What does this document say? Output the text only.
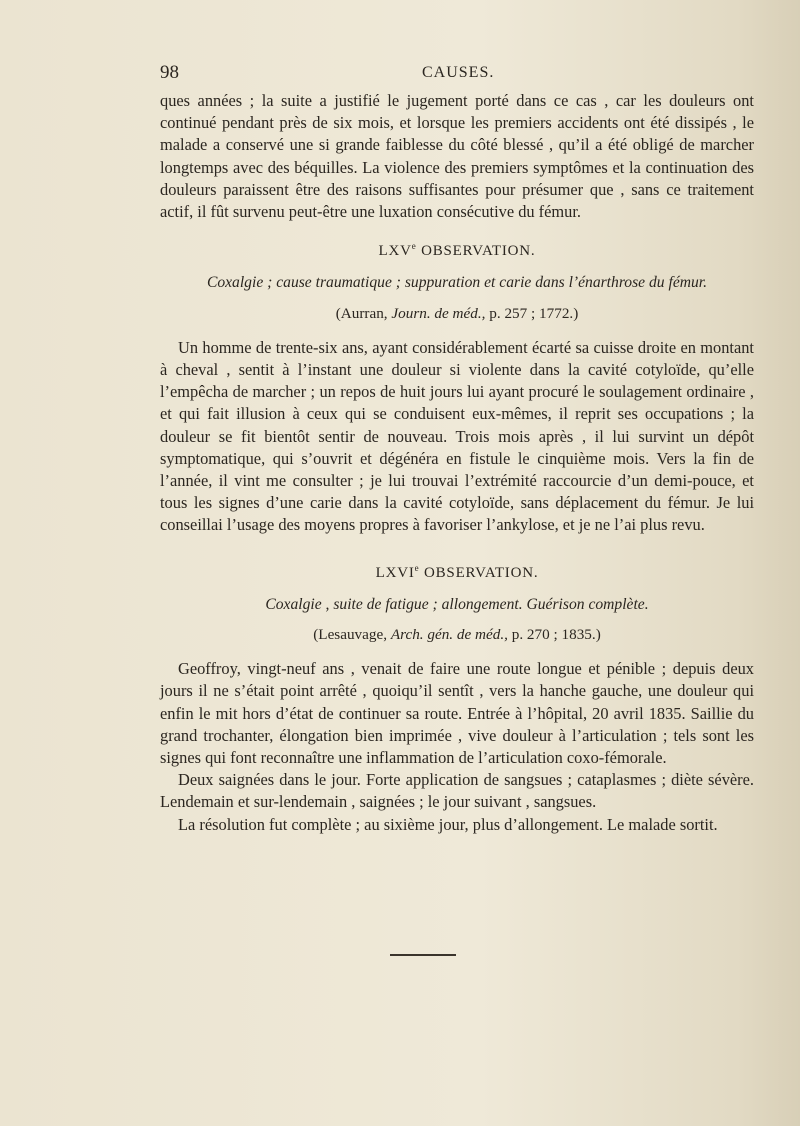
98	CAUSES.

ques années ; la suite a justifié le jugement porté dans ce cas , car les douleurs ont continué pendant près de six mois, et lorsque les premiers accidents ont été dissipés , le malade a conservé une si grande faiblesse du côté blessé , qu’il a été obligé de marcher longtemps avec des béquilles. La violence des premiers symptômes et la continuation des douleurs paraissent être des raisons suffisantes pour présumer que , sans ce traitement actif, il fût survenu peut-être une luxation consécutive du fémur.

LXVe OBSERVATION.
Coxalgie ; cause traumatique ; suppuration et carie dans l’énarthrose du fémur.
(Aurran, Journ. de méd., p. 257 ; 1772.)

Un homme de trente-six ans, ayant considérablement écarté sa cuisse droite en montant à cheval , sentit à l’instant une douleur si violente dans la cavité cotyloïde, qu’elle l’empêcha de marcher ; un repos de huit jours lui ayant procuré le soulagement ordinaire , et qui fait illusion à ceux qui se conduisent eux-mêmes, il reprit ses occupations ; la douleur se fit bientôt sentir de nouveau. Trois mois après , il lui survint un dépôt symptomatique, qui s’ouvrit et dégénéra en fistule le cinquième mois. Vers la fin de l’année, il vint me consulter ; je lui trouvai l’extrémité raccourcie d’un demi-pouce, et tous les signes d’une carie dans la cavité cotyloïde, sans déplacement du fémur. Je lui conseillai l’usage des moyens propres à favoriser l’ankylose, et je ne l’ai plus revu.

LXVIe OBSERVATION.
Coxalgie , suite de fatigue ; allongement. Guérison complète.
(Lesauvage, Arch. gén. de méd., p. 270 ; 1835.)

Geoffroy, vingt-neuf ans , venait de faire une route longue et pénible ; depuis deux jours il ne s’était point arrêté , quoiqu’il sentît , vers la hanche gauche, une douleur qui enfin le mit hors d’état de continuer sa route. Entrée à l’hôpital, 20 avril 1835. Saillie du grand trochanter, élongation bien imprimée , vive douleur à l’articulation ; tels sont les signes qui font reconnaître une inflammation de l’articulation coxo-fémorale.

Deux saignées dans le jour. Forte application de sangsues ; cataplasmes ; diète sévère. Lendemain et sur-lendemain , saignées ; le jour suivant , sangsues.

La résolution fut complète ; au sixième jour, plus d’allongement. Le malade sortit.
